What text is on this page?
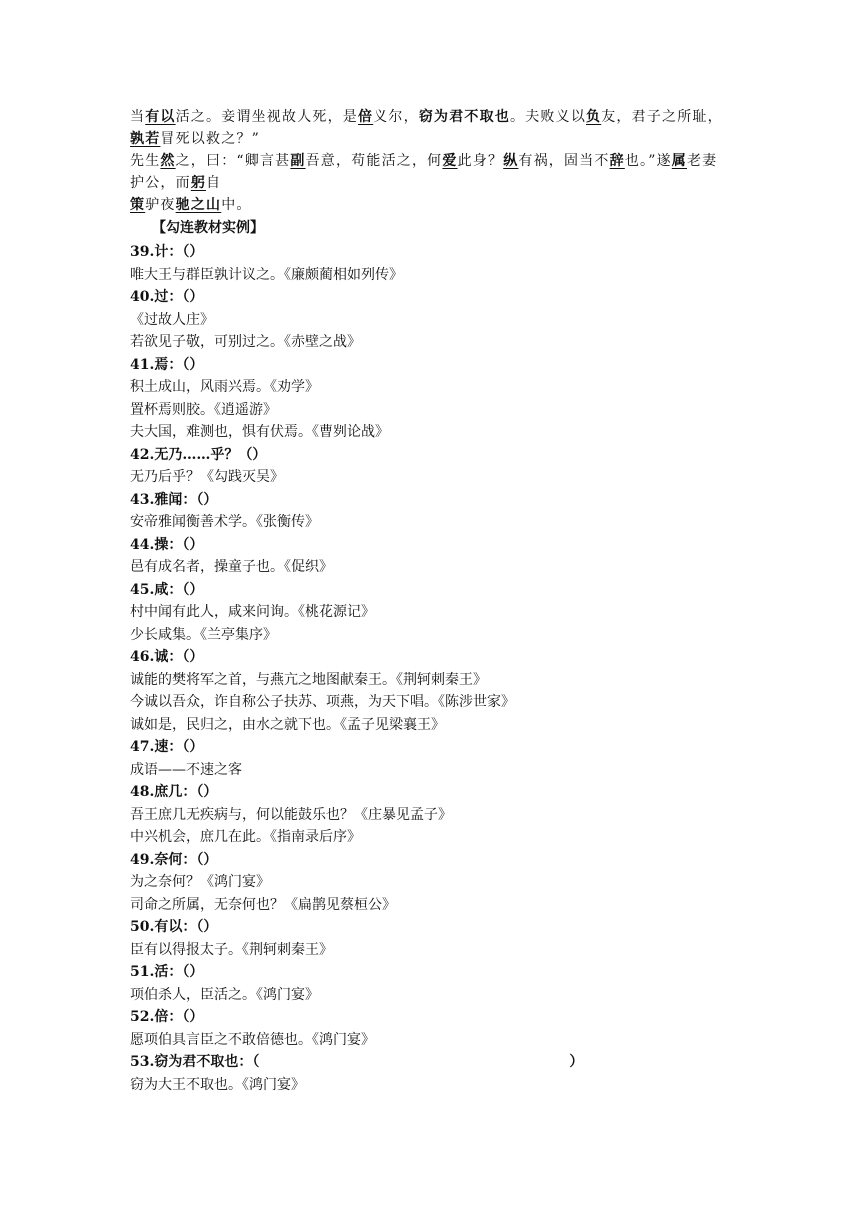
当有以活之。妾谓坐视故人死，是倍义尔，窃为君不取也。夫败义以负友，君子之所耻，孰若冒死以救之？”

先生然之，曰：“卿言甚副吾意，苟能活之，何爱此身？纵有祸，固当不辞也。”遂属老妻护公，而躬自

策驴夜驰之山中。

【勾连教材实例】
39.计：（）
唯大王与群臣孰计议之。《廉颇蔺相如列传》
40.过：（）
《过故人庄》
若欲见子敬，可别过之。《赤壁之战》
41.焉：（）
积土成山，风雨兴焉。《劝学》
置杯焉则胶。《逍遥游》
夫大国，难测也，惧有伏焉。《曹刿论战》
42.无乃……乎？（）
无乃后乎？《勾践灭吴》
43.雅闻：（）
安帝雅闻衡善术学。《张衡传》
44.操：（）
邑有成名者，操童子也。《促织》
45.咸：（）
村中闻有此人，咸来问询。《桃花源记》
少长咸集。《兰亭集序》
46.诚：（）
诚能的樊将军之首，与燕亢之地图献秦王。《荆轲刺秦王》
今诚以吾众，诈自称公子扶苏、项燕，为天下唱。《陈涉世家》
诚如是，民归之，由水之就下也。《孟子见梁襄王》
47.速：（）
成语——不速之客
48.庶几：（）
吾王庶几无疾病与，何以能鼓乐也？《庄暴见孟子》
中兴机会，庶几在此。《指南录后序》
49.奈何：（）
为之奈何？《鸿门宴》
司命之所属，无奈何也？《扁鹊见蔡桓公》
50.有以：（）
臣有以得报太子。《荆轲刺秦王》
51.活：（）
项伯杀人，臣活之。《鸿门宴》
52.倍：（）
愿项伯具言臣之不敢倍德也。《鸿门宴》
53.窃为君不取也：（	）
窃为大王不取也。《鸿门宴》
